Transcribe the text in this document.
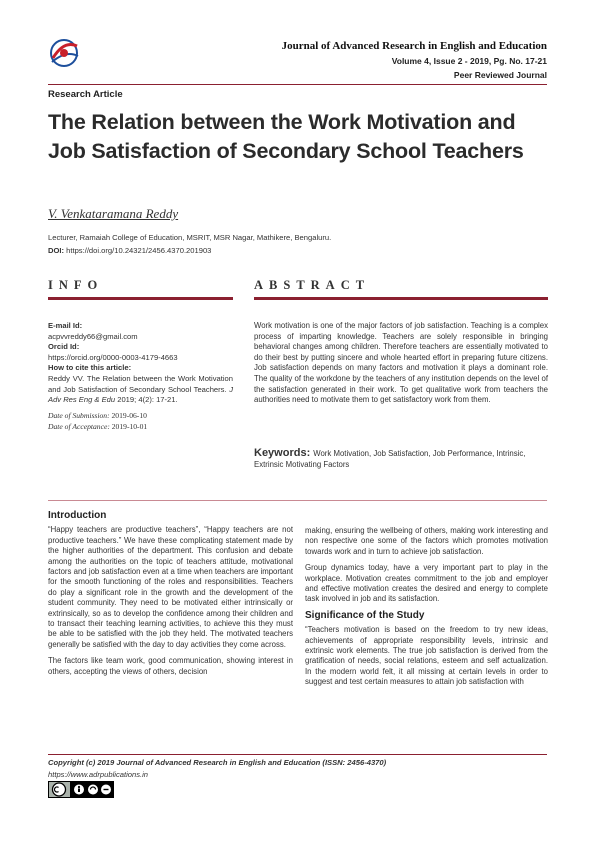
Journal of Advanced Research in English and Education
Volume 4, Issue 2 - 2019, Pg. No. 17-21
Peer Reviewed Journal
Research Article
The Relation between the Work Motivation and Job Satisfaction of Secondary School Teachers
V. Venkataramana Reddy
Lecturer, Ramaiah College of Education, MSRIT, MSR Nagar, Mathikere, Bengaluru.
DOI: https://doi.org/10.24321/2456.4370.201903
INFO	ABSTRACT
E-mail Id:
acpvvreddy66@gmail.com
Orcid Id:
https://orcid.org/0000-0003-4179-4663
How to cite this article:
Reddy VV. The Relation between the Work Motivation and Job Satisfaction of Secondary School Teachers. J Adv Res Eng & Edu 2019; 4(2): 17-21.
Date of Submission: 2019-06-10
Date of Acceptance: 2019-10-01
Work motivation is one of the major factors of job satisfaction. Teaching is a complex process of imparting knowledge. Teachers are solely responsible in bringing behavioral changes among children. Therefore teachers are essentially motivated to do their best by putting sincere and whole hearted effort in preparing future citizens. Job satisfaction depends on many factors and motivation it plays a dominant role. The quality of the workdone by the teachers of any institution depends on the level of the satisfaction generated in their work. To get qualitative work from teachers the authorities need to motivate them to get satisfactory work from them.
Keywords: Work Motivation, Job Satisfaction, Job Performance, Intrinsic, Extrinsic Motivating Factors
Introduction

“Happy teachers are productive teachers”, “Happy teachers are not productive teachers.” We have these complicating statement made by the higher authorities of the department. This confusion and debate among the authorities on the topic of teachers attitude, motivational factors and job satisfaction even at a time when teachers are important for the smooth functioning of the roles and responsibilities. Teachers do play a significant role in the growth and the development of the student community. They need to be motivated either intrinsically or extrinsically, so as to develop the confidence among their children and to transact their teaching learning activities, to achieve this they must be able to be satisfied with the job they held. The motivated teachers generally be satisfied with the day to day activities they come across.

The factors like team work, good communication, showing interest in others, accepting the views of others, decision

making, ensuring the wellbeing of others, making work interesting and non respective one some of the factors which promotes motivation towards work and in turn to achieve job satisfaction.

Group dynamics today, have a very important part to play in the workplace. Motivation creates commitment to the job and employer and effective motivation creates the desired and energy to complete task involved in job and its satisfaction.

Significance of the Study

“Teachers motivation is based on the freedom to try new ideas, achievements of appropriate responsibility levels, intrinsic and extrinsic work elements. The true job satisfaction is derived from the gratification of needs, social relations, esteem and self actualization. In the modern world felt, it all missing at certain levels in order to suggest and test certain measures to attain job satisfaction with

Copyright (c) 2019 Journal of Advanced Research in English and Education (ISSN: 2456-4370)
https://www.adrpublications.in
